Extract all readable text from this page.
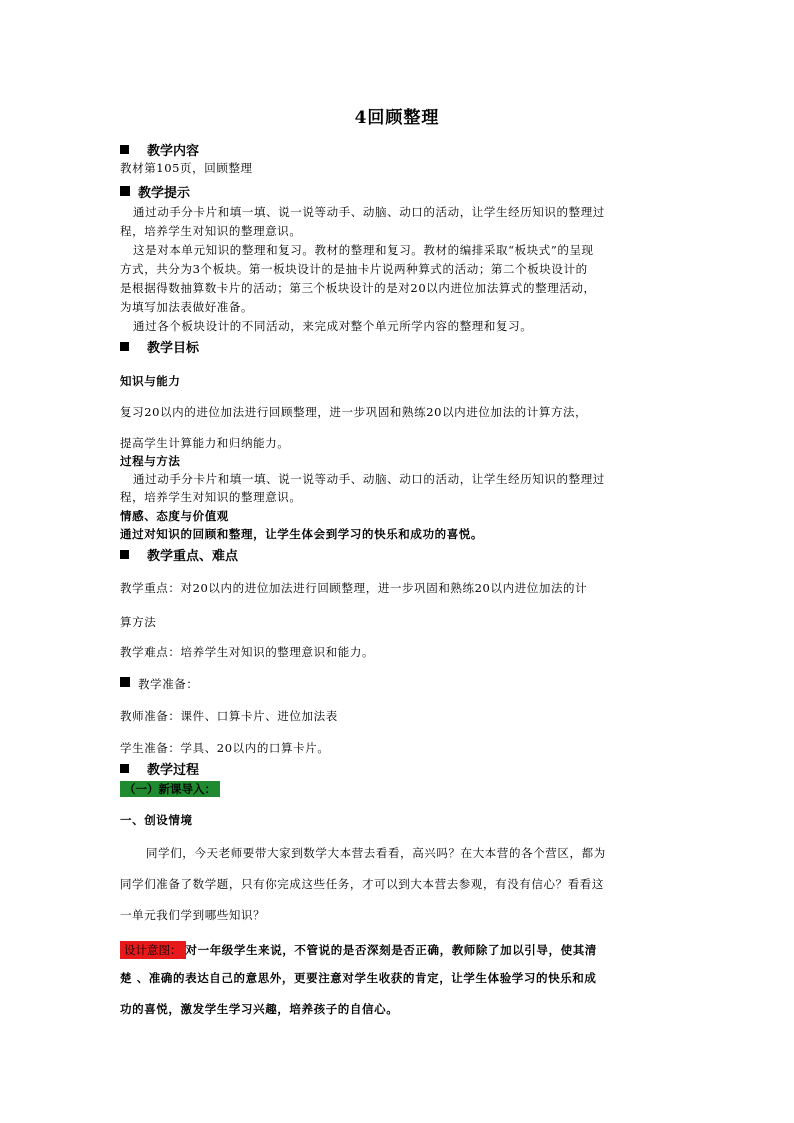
4回顾整理
教学内容
教材第105页，回顾整理
教学提示
通过动手分卡片和填一填、说一说等动手、动脑、动口的活动，让学生经历知识的整理过
程，培养学生对知识的整理意识。
这是对本单元知识的整理和复习。教材的整理和复习。教材的编排采取“板块式”的呈现
方式，共分为3个板块。第一板块设计的是抽卡片说两种算式的活动；第二个板块设计的
是根据得数抽算数卡片的活动；第三个板块设计的是对20以内进位加法算式的整理活动，
为填写加法表做好准备。
通过各个板块设计的不同活动，来完成对整个单元所学内容的整理和复习。
教学目标
知识与能力
复习20以内的进位加法进行回顾整理，进一步巩固和熟练20以内进位加法的计算方法，
提高学生计算能力和归纳能力。
过程与方法
通过动手分卡片和填一填、说一说等动手、动脑、动口的活动，让学生经历知识的整理过
程，培养学生对知识的整理意识。
情感、态度与价值观
通过对知识的回顾和整理，让学生体会到学习的快乐和成功的喜悦。
教学重点、难点
教学重点：对20以内的进位加法进行回顾整理，进一步巩固和熟练20以内进位加法的计
算方法
教学难点：培养学生对知识的整理意识和能力。
教学准备：
教师准备：课件、口算卡片、进位加法表
学生准备：学具、20以内的口算卡片。
教学过程
（一）新课导入：
一、创设情境
同学们，今天老师要带大家到数学大本营去看看，高兴吗？在大本营的各个营区，都为
同学们准备了数学题，只有你完成这些任务，才可以到大本营去参观，有没有信心？看看这
一单元我们学到哪些知识？
设计意图： 对一年级学生来说，不管说的是否深刻是否正确，教师除了加以引导，使其清
楚 、准确的表达自己的意思外，更要注意对学生收获的肯定，让学生体验学习的快乐和成
功的喜悦，激发学生学习兴趣，培养孩子的自信心。
